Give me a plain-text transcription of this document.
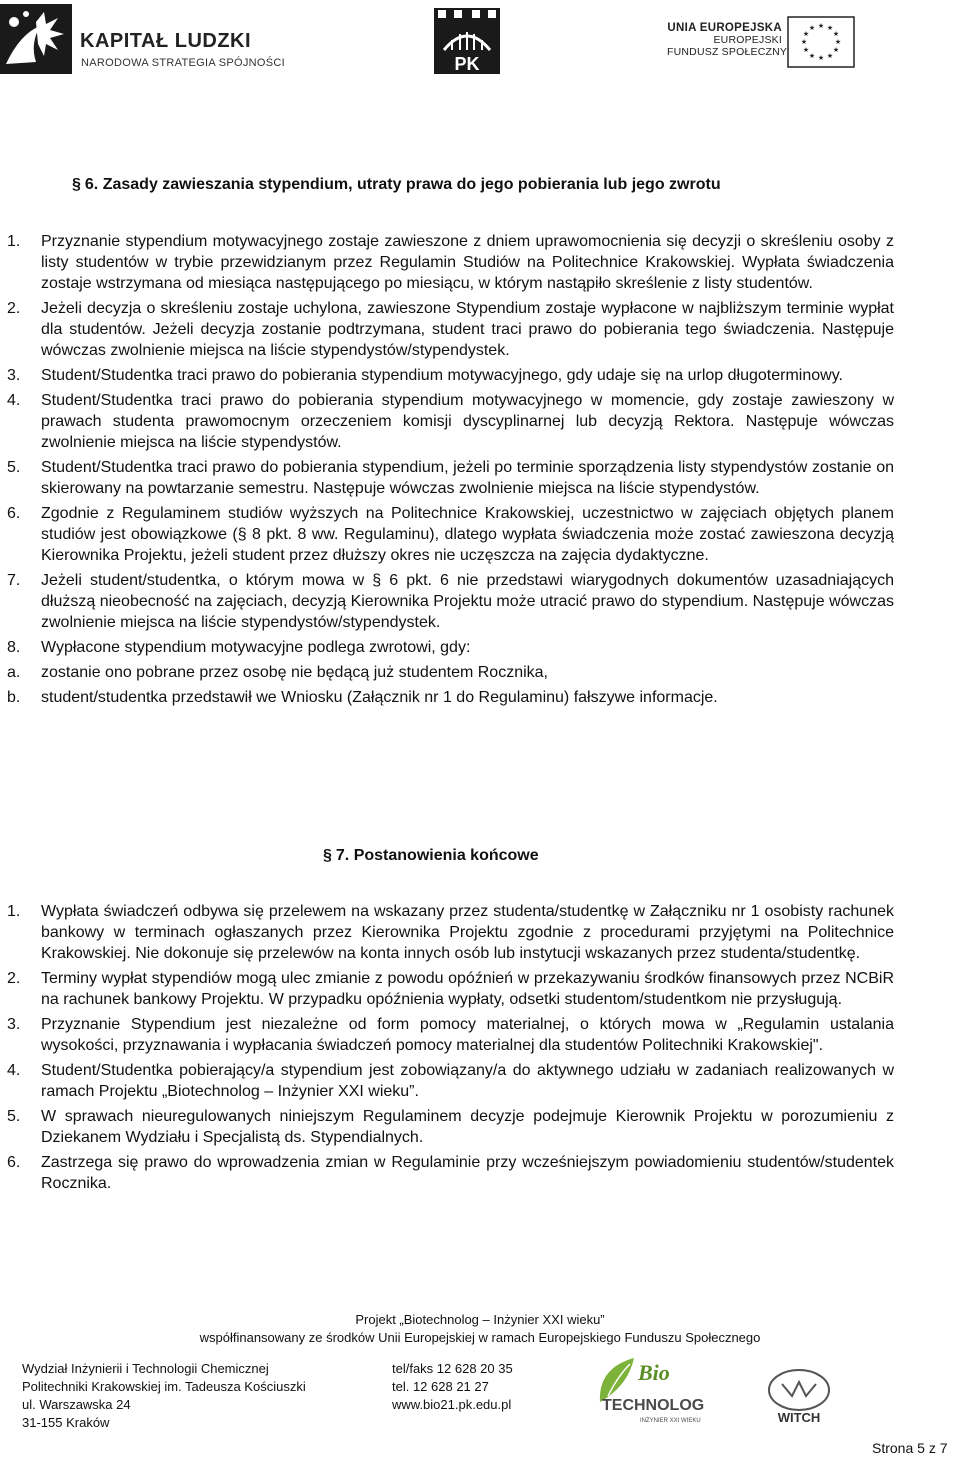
KAPITAŁ LUDZKI
NARODOWA STRATEGIA SPÓJNOŚCI	PK
UNIA EUROPEJSKA
EUROPEJSKI
FUNDUSZ SPOŁECZNY
★ ★
★
★
★
★
★
★
★
★
★
★
§ 6. Zasady zawieszania stypendium, utraty prawa do jego pobierania lub jego zwrotu
1. Przyznanie stypendium motywacyjnego zostaje zawieszone z dniem uprawomocnienia się decyzji o skreśleniu osoby z listy studentów w trybie przewidzianym przez Regulamin Studiów na Politechnice Krakowskiej. Wypłata świadczenia zostaje wstrzymana od miesiąca następującego po miesiącu, w którym nastąpiło skreślenie z listy studentów.
2. Jeżeli decyzja o skreśleniu zostaje uchylona, zawieszone Stypendium zostaje wypłacone w najbliższym terminie wypłat dla studentów. Jeżeli decyzja zostanie podtrzymana, student traci prawo do pobierania tego świadczenia. Następuje wówczas zwolnienie miejsca na liście stypendystów/stypendystek.
3. Student/Studentka traci prawo do pobierania stypendium motywacyjnego, gdy udaje się na urlop długoterminowy.
4. Student/Studentka traci prawo do pobierania stypendium motywacyjnego w momencie, gdy zostaje zawieszony w prawach studenta prawomocnym orzeczeniem komisji dyscyplinarnej lub decyzją Rektora. Następuje wówczas zwolnienie miejsca na liście stypendystów.
5. Student/Studentka traci prawo do pobierania stypendium, jeżeli po terminie sporządzenia listy stypendystów zostanie on skierowany na powtarzanie semestru. Następuje wówczas zwolnienie miejsca na liście stypendystów.
6. Zgodnie z Regulaminem studiów wyższych na Politechnice Krakowskiej, uczestnictwo w zajęciach objętych planem studiów jest obowiązkowe (§ 8 pkt. 8 ww. Regulaminu), dlatego wypłata świadczenia może zostać zawieszona decyzją Kierownika Projektu, jeżeli student przez dłuższy okres nie uczęszcza na zajęcia dydaktyczne.
7. Jeżeli student/studentka, o którym mowa w § 6 pkt. 6 nie przedstawi wiarygodnych dokumentów uzasadniających dłuższą nieobecność na zajęciach, decyzją Kierownika Projektu może utracić prawo do stypendium. Następuje wówczas zwolnienie miejsca na liście stypendystów/stypendystek.
8. Wypłacone stypendium motywacyjne podlega zwrotowi, gdy:
a. zostanie ono pobrane przez osobę nie będącą już studentem Rocznika,
b. student/studentka przedstawił we Wniosku (Załącznik nr 1 do Regulaminu) fałszywe informacje.
§ 7. Postanowienia końcowe
1. Wypłata świadczeń odbywa się przelewem na wskazany przez studenta/studentkę w Załączniku nr 1 osobisty rachunek bankowy w terminach ogłaszanych przez Kierownika Projektu zgodnie z procedurami przyjętymi na Politechnice Krakowskiej. Nie dokonuje się przelewów na konta innych osób lub instytucji wskazanych przez studenta/studentkę.
2. Terminy wypłat stypendiów mogą ulec zmianie z powodu opóźnień w przekazywaniu środków finansowych przez NCBiR na rachunek bankowy Projektu. W przypadku opóźnienia wypłaty, odsetki studentom/studentkom nie przysługują.
3. Przyznanie Stypendium jest niezależne od form pomocy materialnej, o których mowa w „Regulamin ustalania wysokości, przyznawania i wypłacania świadczeń pomocy materialnej dla studentów Politechniki Krakowskiej".
4. Student/Studentka pobierający/a stypendium jest zobowiązany/a do aktywnego udziału w zadaniach realizowanych w ramach Projektu „Biotechnolog – Inżynier XXI wieku”.
5. W sprawach nieuregulowanych niniejszym Regulaminem decyzje podejmuje Kierownik Projektu w porozumieniu z Dziekanem Wydziału i Specjalistą ds. Stypendialnych.
6. Zastrzega się prawo do wprowadzenia zmian w Regulaminie przy wcześniejszym powiadomieniu studentów/studentek Rocznika.
Projekt „Biotechnolog – Inżynier XXI wieku”
współfinansowany ze środków Unii Europejskiej w ramach Europejskiego Funduszu Społecznego
Wydział Inżynierii i Technologii Chemicznej
Politechniki Krakowskiej im. Tadeusza Kościuszki
ul. Warszawska 24
31-155 Kraków
tel/faks 12 628 20 35
tel. 12 628 21 27
www.bio21.pk.edu.pl
Bio
TECHNOLOG
INŻYNIER XXI WIEKU	WITCH
Strona 5 z 7
